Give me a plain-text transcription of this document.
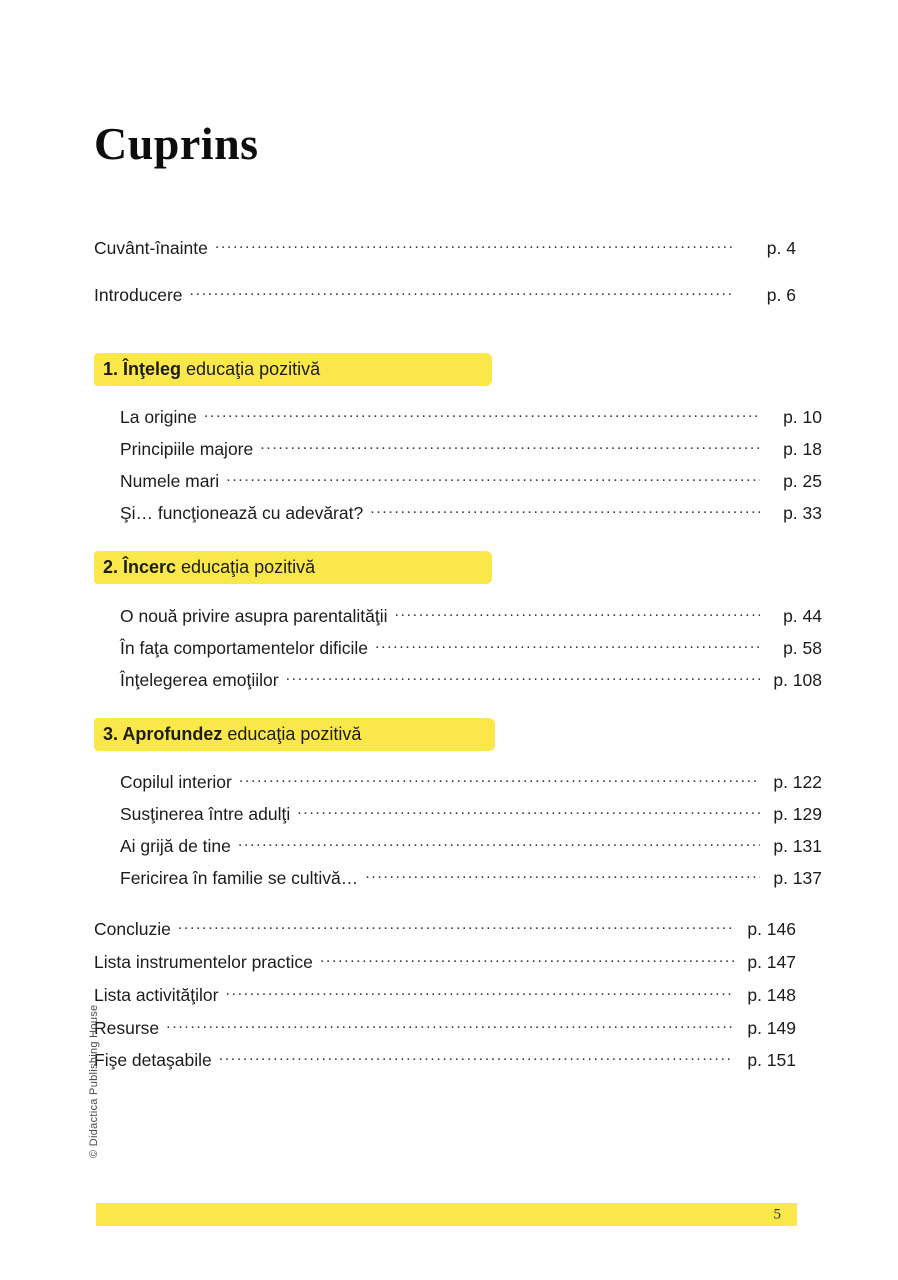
Cuprins
Cuvânt-înainte .....	p. 4
Introducere .....	p. 6
1. Înţeleg educaţia pozitivă
La origine .....	p. 10
Principiile majore .....	p. 18
Numele mari .....	p. 25
Şi… funcţionează cu adevărat? .....	p. 33
2. Încerc educaţia pozitivă
O nouă privire asupra parentalităţii .....	p. 44
În faţa comportamentelor dificile .....	p. 58
Înţelegerea emoţiilor .....	p. 108
3. Aprofundez educaţia pozitivă
Copilul interior .....	p. 122
Susţinerea între adulţi .....	p. 129
Ai grijă de tine .....	p. 131
Fericirea în familie se cultivă… .....	p. 137
Concluzie .....	p. 146
Lista instrumentelor practice .....	p. 147
Lista activităţilor .....	p. 148
Resurse .....	p. 149
Fişe detaşabile .....	p. 151
© Didactica Publishing House
5
